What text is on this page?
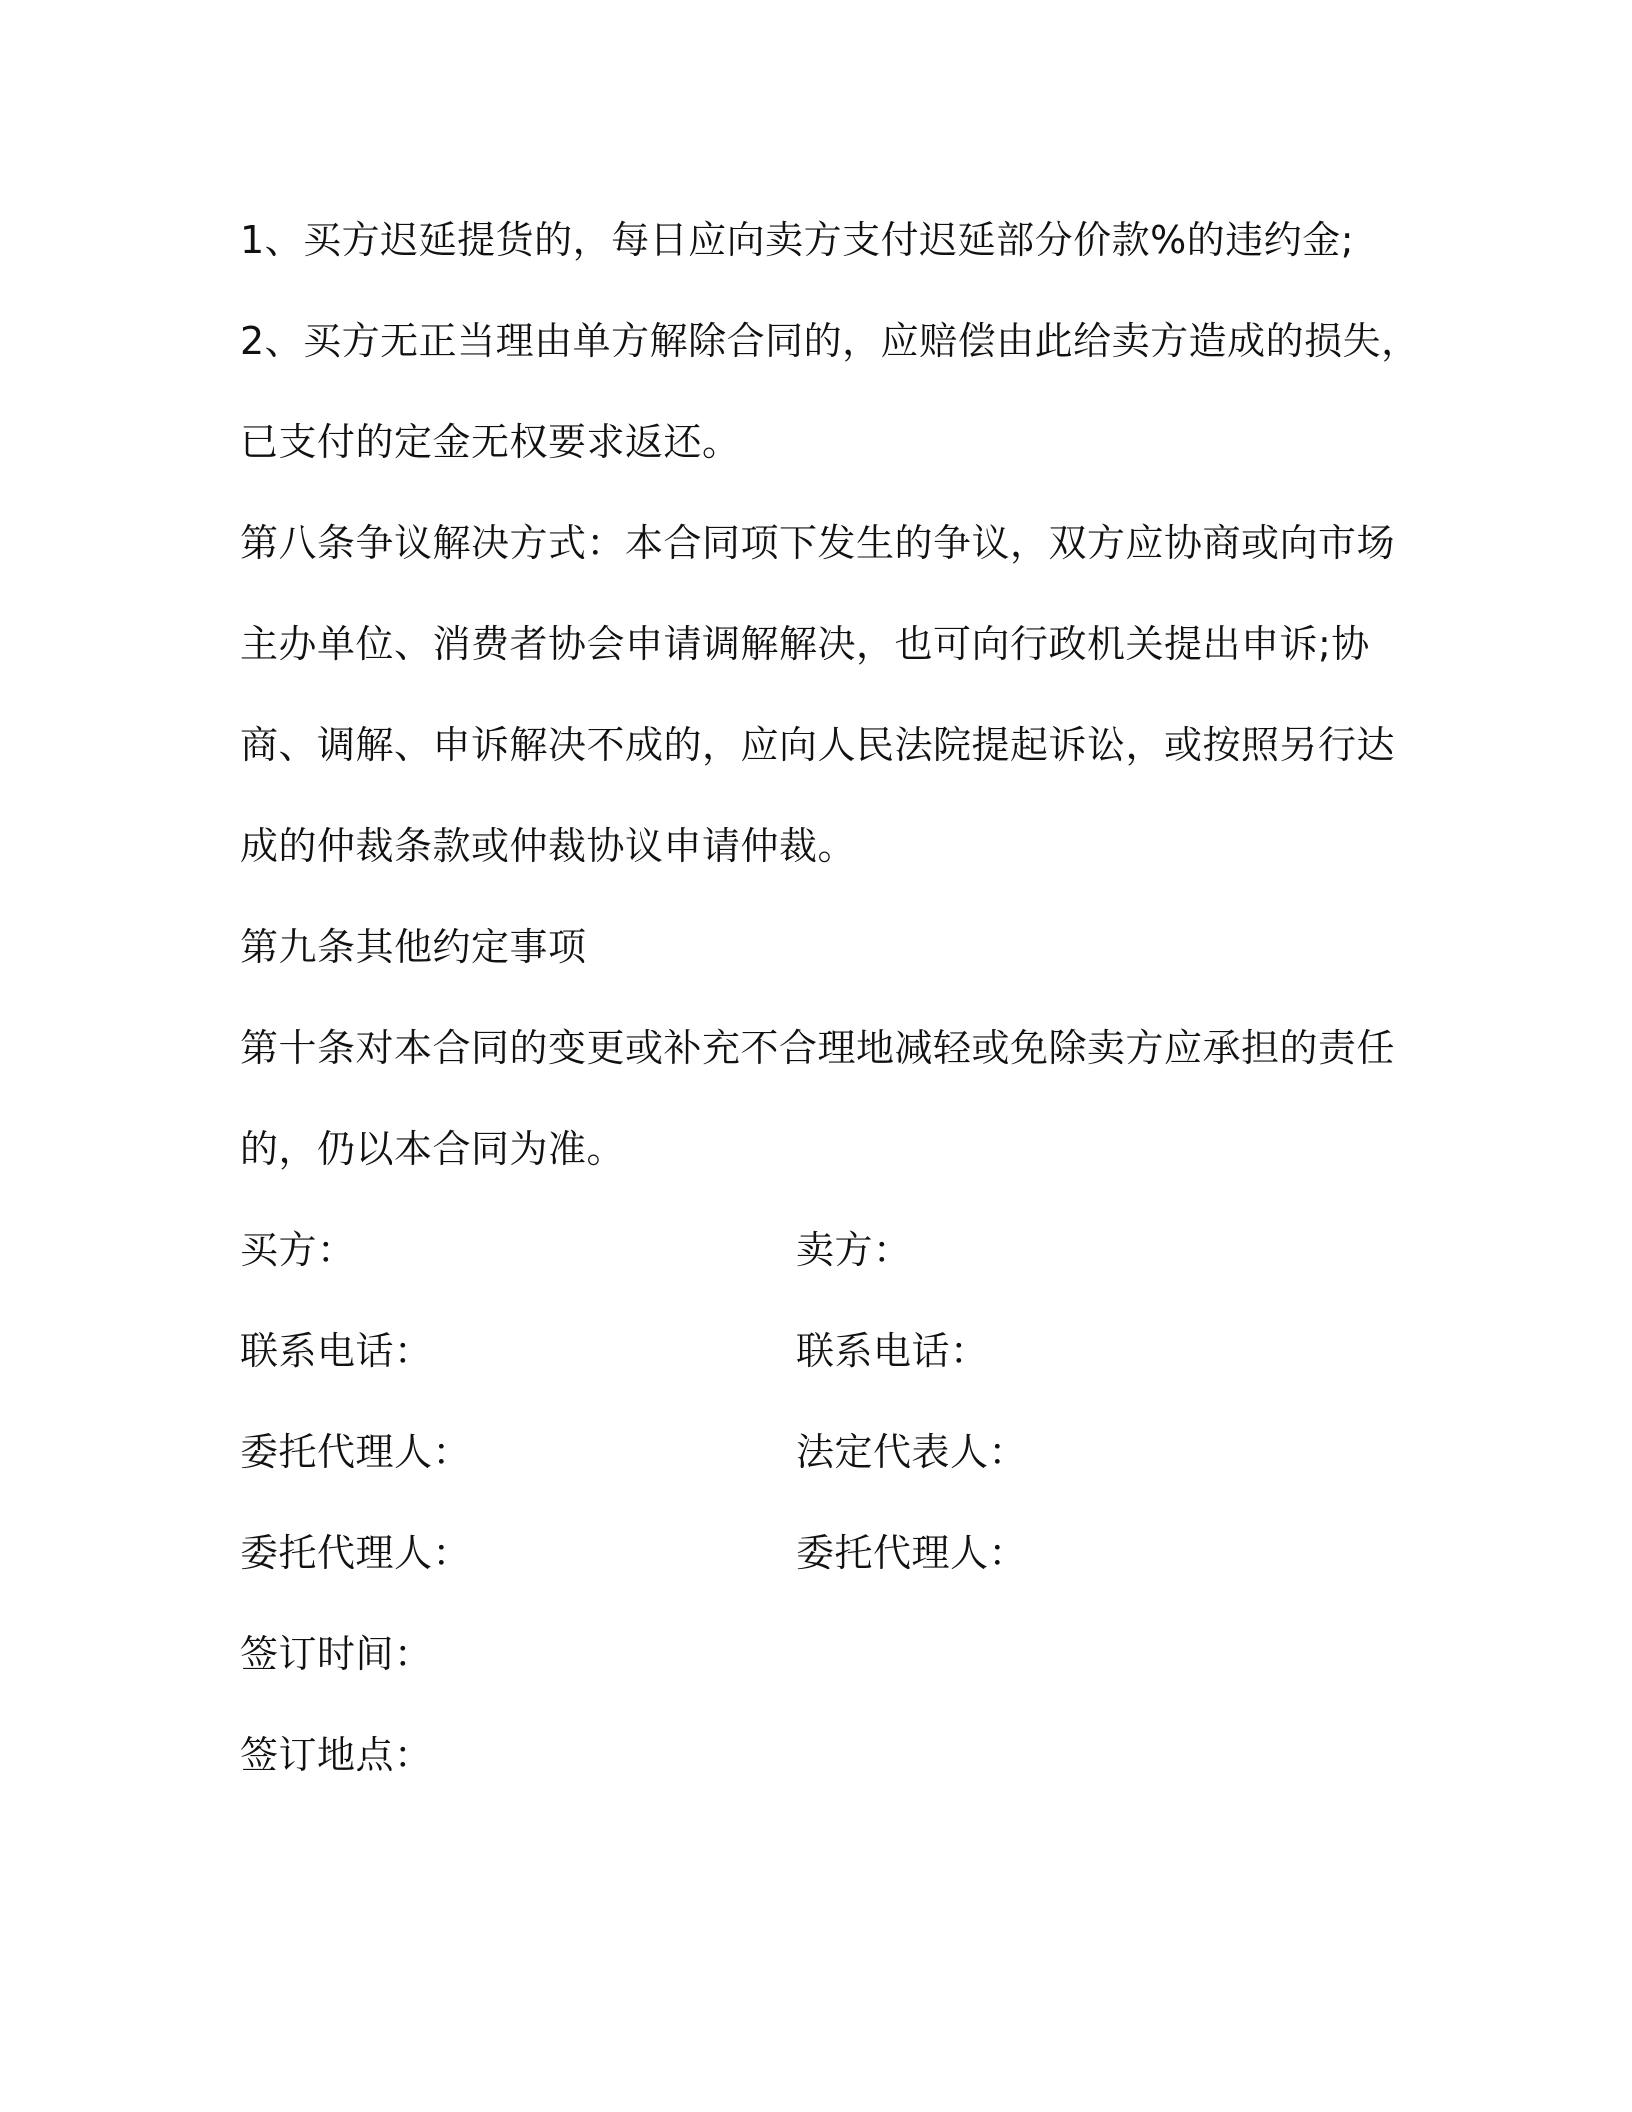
1、买方迟延提货的，每日应向卖方支付迟延部分价款%的违约金;
2、买方无正当理由单方解除合同的，应赔偿由此给卖方造成的损失，
已支付的定金无权要求返还。
第八条争议解决方式：本合同项下发生的争议，双方应协商或向市场
主办单位、消费者协会申请调解解决，也可向行政机关提出申诉;协
商、调解、申诉解决不成的，应向人民法院提起诉讼，或按照另行达
成的仲裁条款或仲裁协议申请仲裁。
第九条其他约定事项
第十条对本合同的变更或补充不合理地减轻或免除卖方应承担的责任
的，仍以本合同为准。
买方：	卖方：
联系电话：	联系电话：
委托代理人：	法定代表人：
委托代理人：	委托代理人：
签订时间：
签订地点：
